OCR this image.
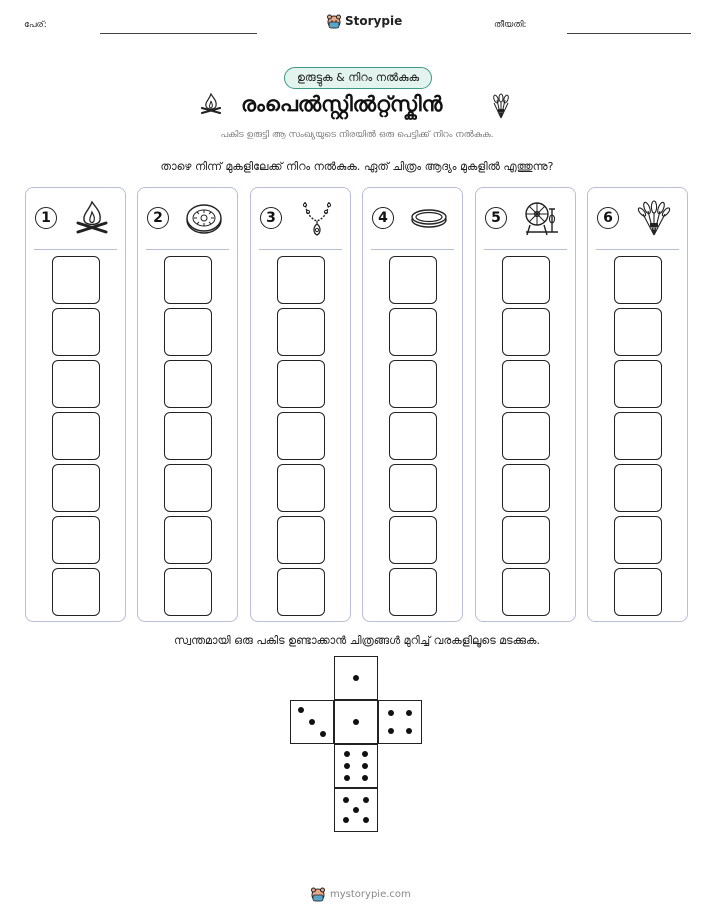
പേര്:	Storypie	തീയതി:
ഉരുട്ടുക & നിറം നൽകുക
രംപെൽസ്റ്റിൽറ്റ്സ്കിൻ
പകിട ഉരുട്ടി ആ സംഖ്യയുടെ നിരയിൽ ഒരു പെട്ടിക്ക് നിറം നൽകുക.
താഴെ നിന്ന് മുകളിലേക്ക് നിറം നൽകുക. ഏത് ചിത്രം ആദ്യം മുകളിൽ എത്തുന്നു?
1	2	3	4	5	6
സ്വന്തമായി ഒരു പകിട ഉണ്ടാക്കാൻ ചിത്രങ്ങൾ മുറിച്ച് വരകളിലൂടെ മടക്കുക.
mystorypie.com
